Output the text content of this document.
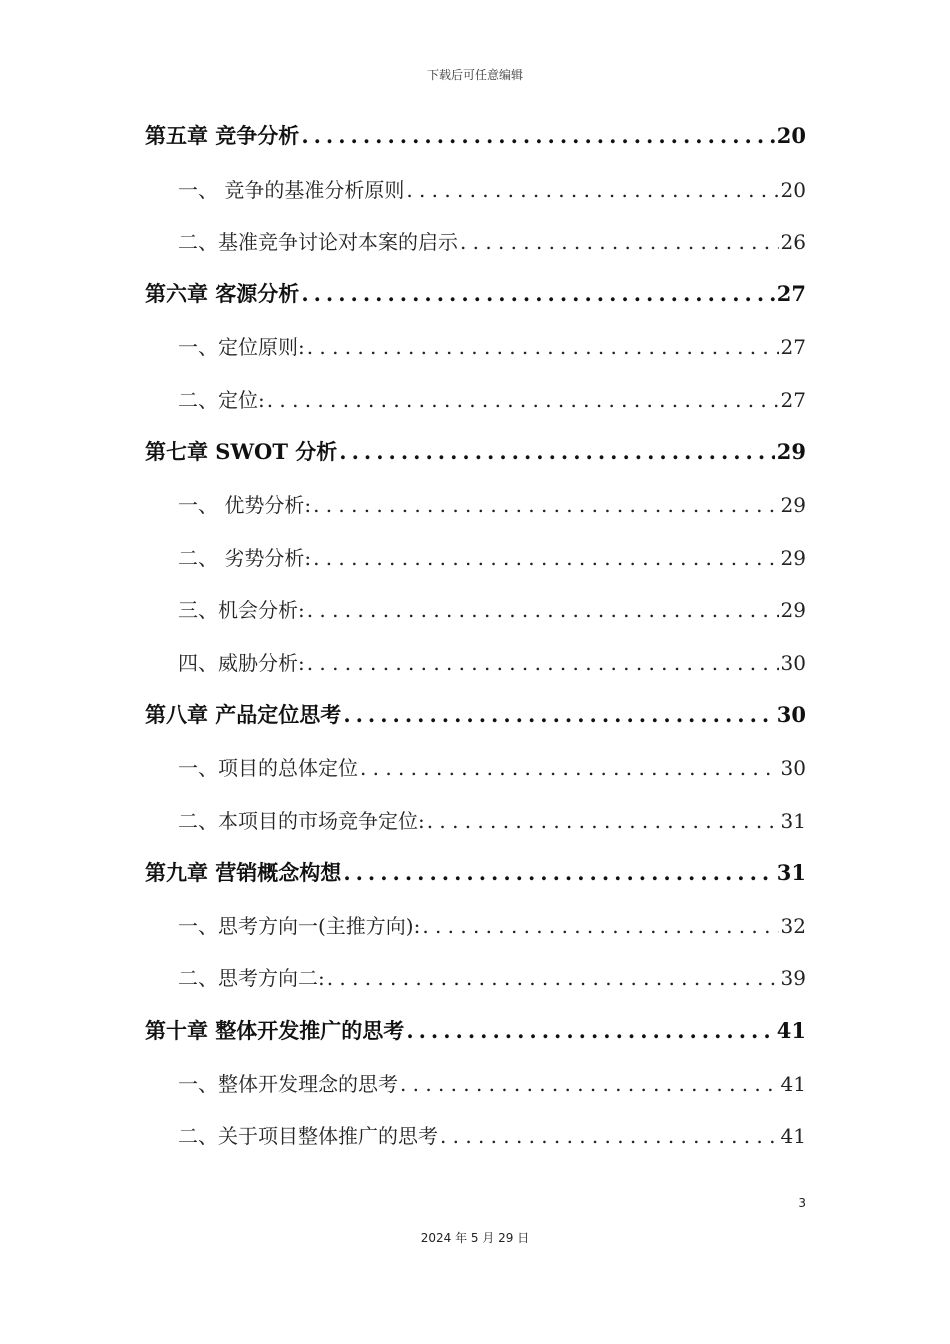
下载后可任意编辑
第五章 竞争分析 .....	20
一、 竞争的基准分析原则 .....	20
二、基准竞争讨论对本案的启示 .....	26
第六章 客源分析 .....	27
一、定位原则: .....	27
二、定位: .....	27
第七章 SWOT 分析 .....	29
一、 优势分析: .....	29
二、 劣势分析: .....	29
三、机会分析: .....	29
四、威胁分析: .....	30
第八章 产品定位思考 .....	30
一、项目的总体定位 .....	30
二、本项目的市场竞争定位: .....	31
第九章 营销概念构想 .....	31
一、思考方向一(主推方向): .....	32
二、思考方向二: .....	39
第十章 整体开发推广的思考 .....	41
一、整体开发理念的思考 .....	41
二、关于项目整体推广的思考 .....	41
3
2024 年 5 月 29 日
